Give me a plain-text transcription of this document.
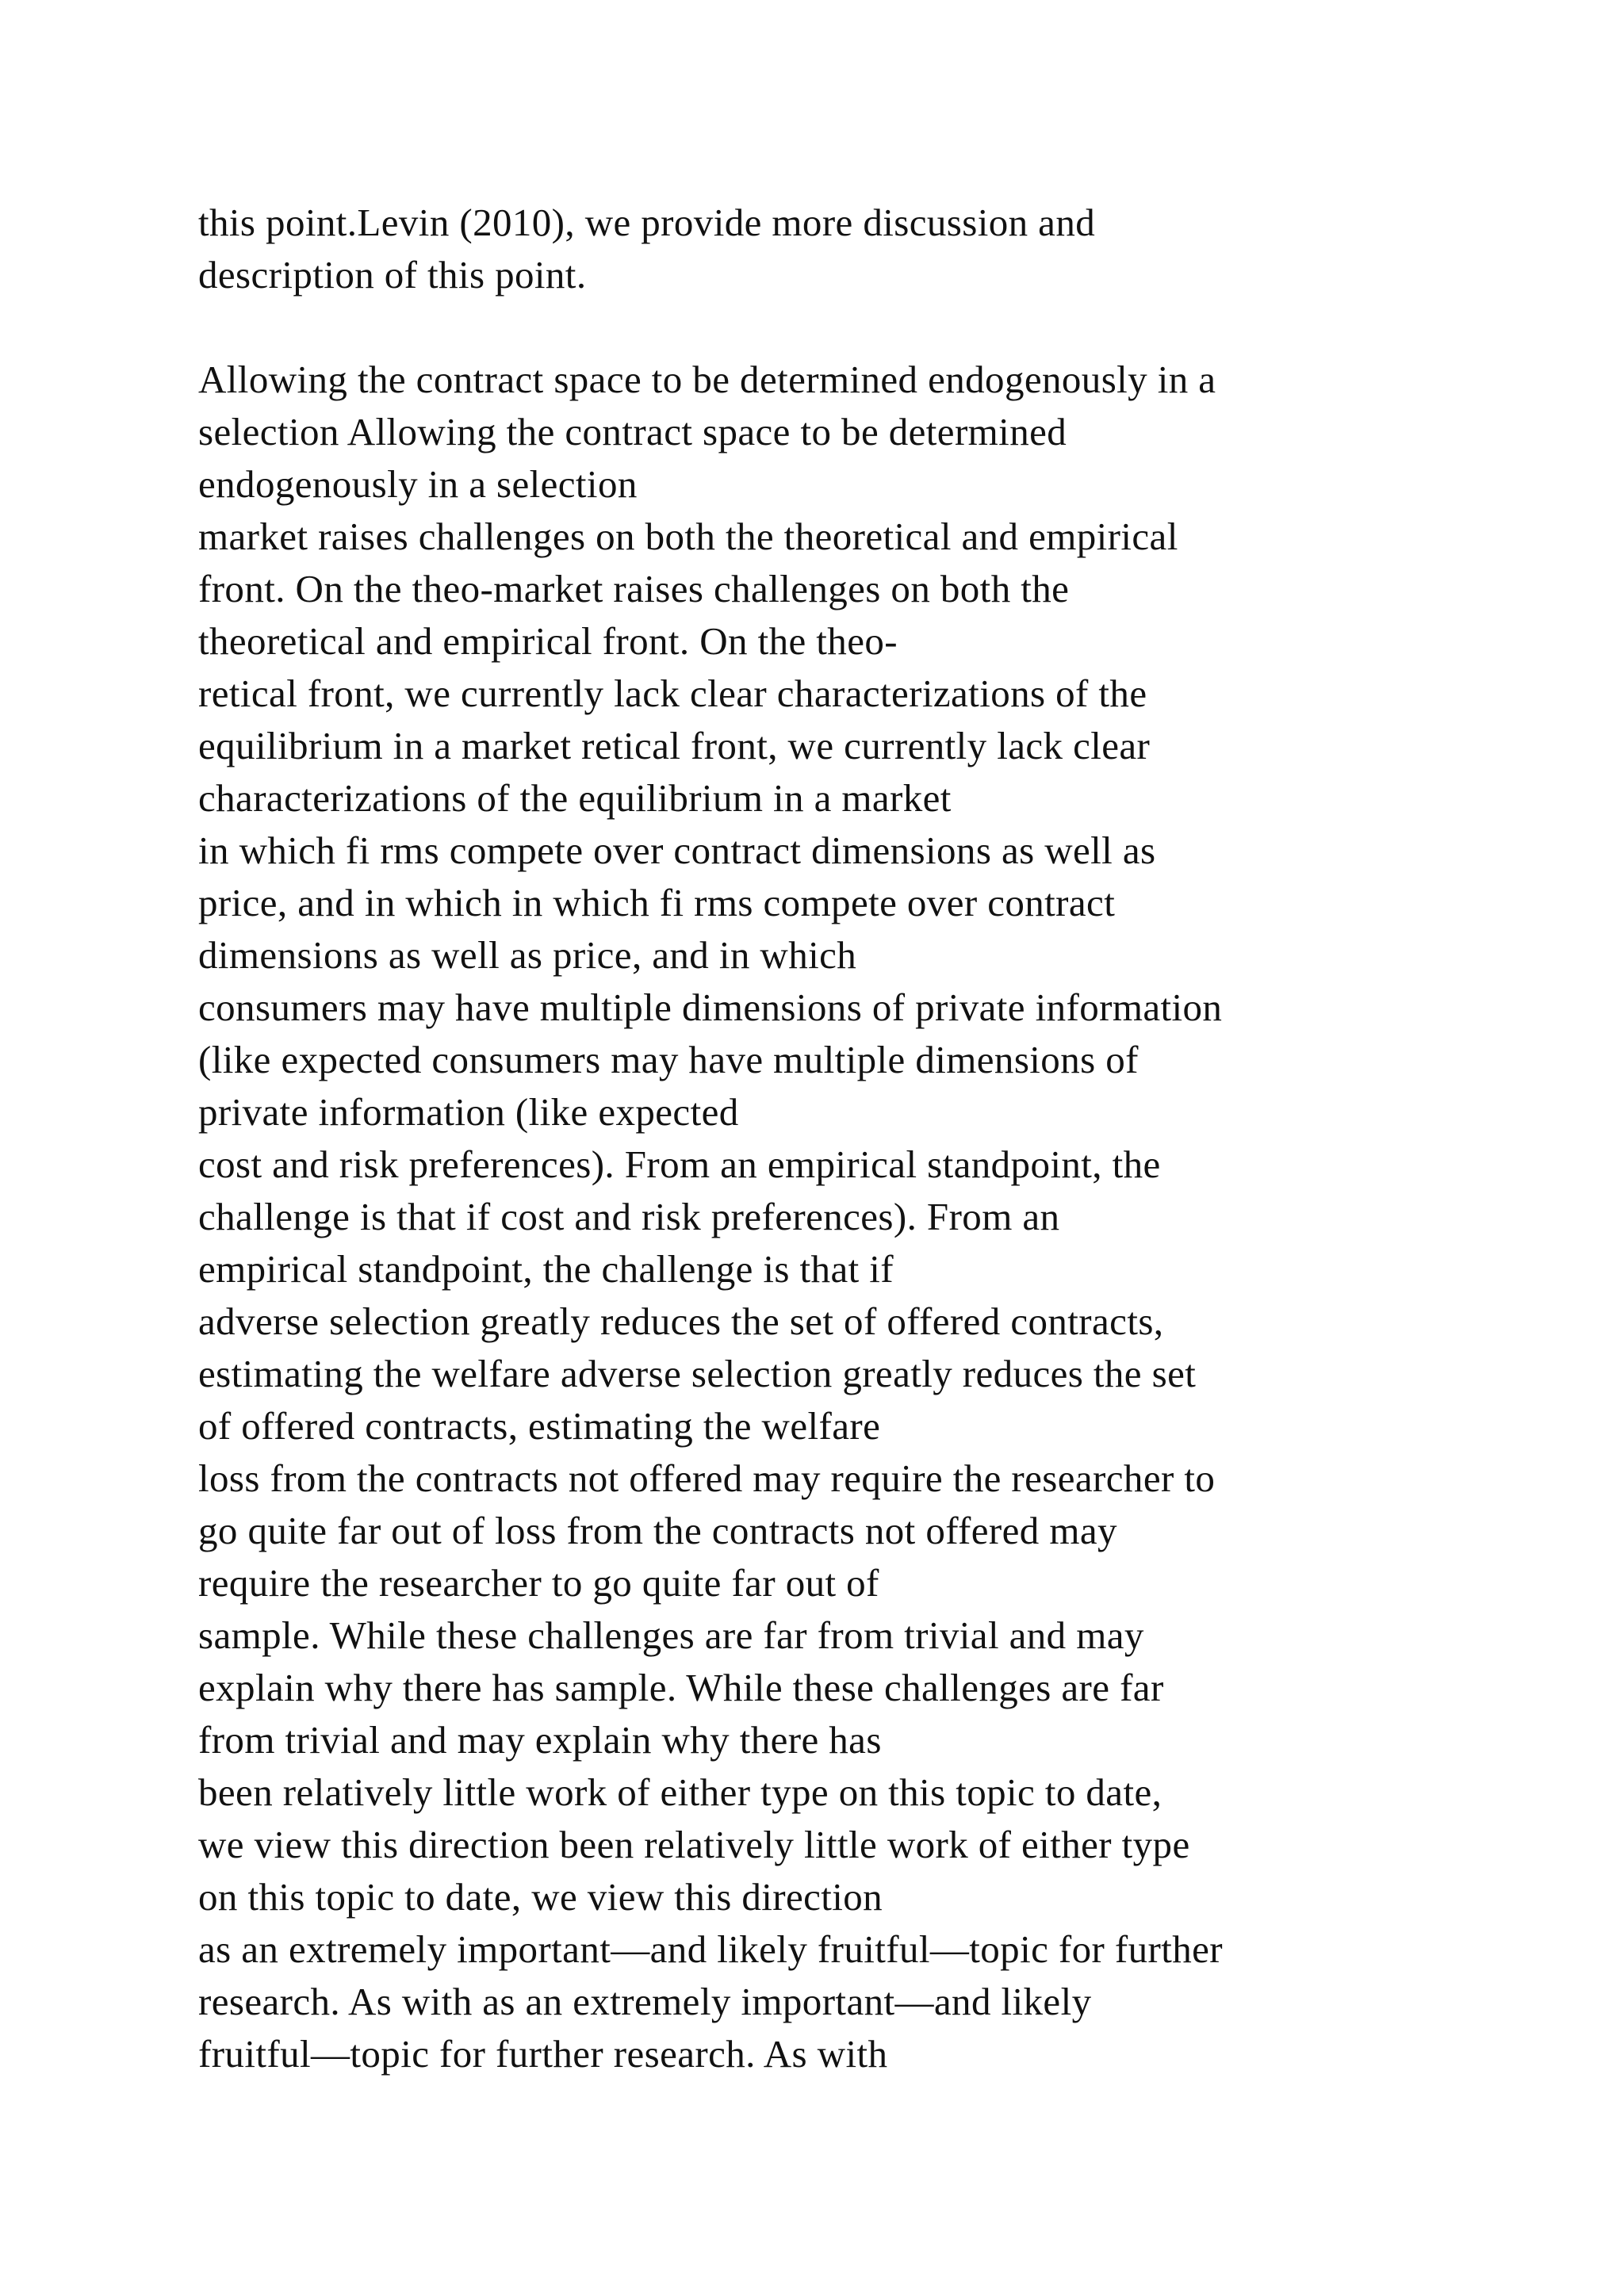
this point.Levin (2010), we provide more discussion and
description of this point.
Allowing the contract space to be determined endogenously in a
selection Allowing the contract space to be determined
endogenously in a selection
market raises challenges on both the theoretical and empirical
front. On the theo-market raises challenges on both the
theoretical and empirical front. On the theo-
retical front, we currently lack clear characterizations of the
equilibrium in a market retical front, we currently lack clear
characterizations of the equilibrium in a market
in which fi rms compete over contract dimensions as well as
price, and in which in which fi rms compete over contract
dimensions as well as price, and in which
consumers may have multiple dimensions of private information
(like expected consumers may have multiple dimensions of
private information (like expected
cost and risk preferences). From an empirical standpoint, the
challenge is that if cost and risk preferences). From an
empirical standpoint, the challenge is that if
adverse selection greatly reduces the set of offered contracts,
estimating the welfare adverse selection greatly reduces the set
of offered contracts, estimating the welfare
loss from the contracts not offered may require the researcher to
go quite far out of loss from the contracts not offered may
require the researcher to go quite far out of
sample. While these challenges are far from trivial and may
explain why there has sample. While these challenges are far
from trivial and may explain why there has
been relatively little work of either type on this topic to date,
we view this direction been relatively little work of either type
on this topic to date, we view this direction
as an extremely important—and likely fruitful—topic for further
research. As with as an extremely important—and likely
fruitful—topic for further research. As with
